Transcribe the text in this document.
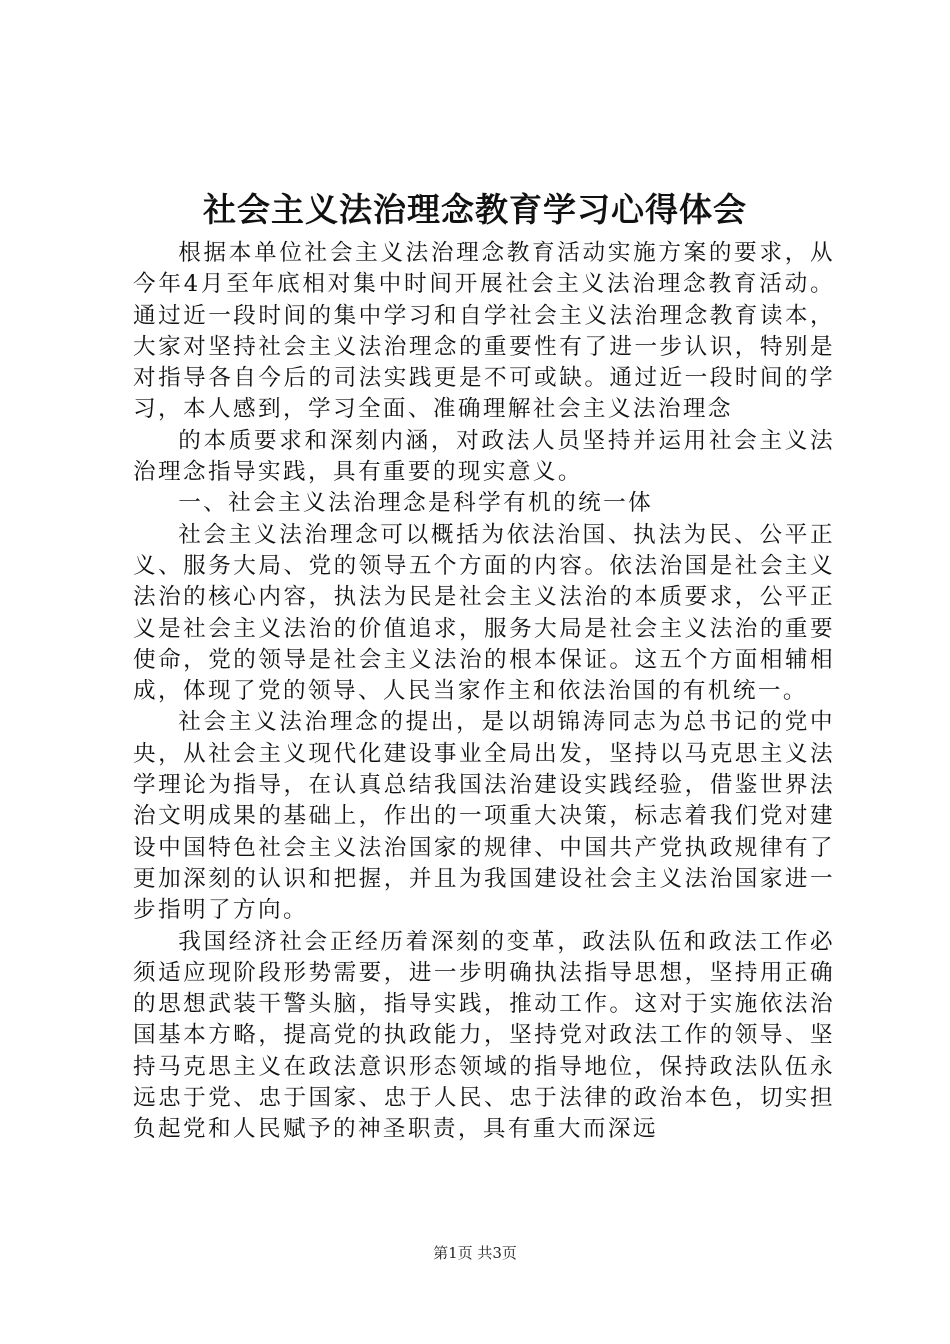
社会主义法治理念教育学习心得体会

根据本单位社会主义法治理念教育活动实施方案的要求，从今年4月至年底相对集中时间开展社会主义法治理念教育活动。通过近一段时间的集中学习和自学社会主义法治理念教育读本，大家对坚持社会主义法治理念的重要性有了进一步认识，特别是对指导各自今后的司法实践更是不可或缺。通过近一段时间的学习，本人感到，学习全面、准确理解社会主义法治理念

的本质要求和深刻内涵，对政法人员坚持并运用社会主义法治理念指导实践，具有重要的现实意义。

一、社会主义法治理念是科学有机的统一体

社会主义法治理念可以概括为依法治国、执法为民、公平正义、服务大局、党的领导五个方面的内容。依法治国是社会主义法治的核心内容，执法为民是社会主义法治的本质要求，公平正义是社会主义法治的价值追求，服务大局是社会主义法治的重要使命，党的领导是社会主义法治的根本保证。这五个方面相辅相成，体现了党的领导、人民当家作主和依法治国的有机统一。

社会主义法治理念的提出，是以胡锦涛同志为总书记的党中央，从社会主义现代化建设事业全局出发，坚持以马克思主义法学理论为指导，在认真总结我国法治建设实践经验，借鉴世界法治文明成果的基础上，作出的一项重大决策，标志着我们党对建设中国特色社会主义法治国家的规律、中国共产党执政规律有了更加深刻的认识和把握，并且为我国建设社会主义法治国家进一步指明了方向。

我国经济社会正经历着深刻的变革，政法队伍和政法工作必须适应现阶段形势需要，进一步明确执法指导思想，坚持用正确的思想武装干警头脑，指导实践，推动工作。这对于实施依法治国基本方略，提高党的执政能力，坚持党对政法工作的领导、坚持马克思主义在政法意识形态领域的指导地位，保持政法队伍永远忠于党、忠于国家、忠于人民、忠于法律的政治本色，切实担负起党和人民赋予的神圣职责，具有重大而深远

第1页 共3页
